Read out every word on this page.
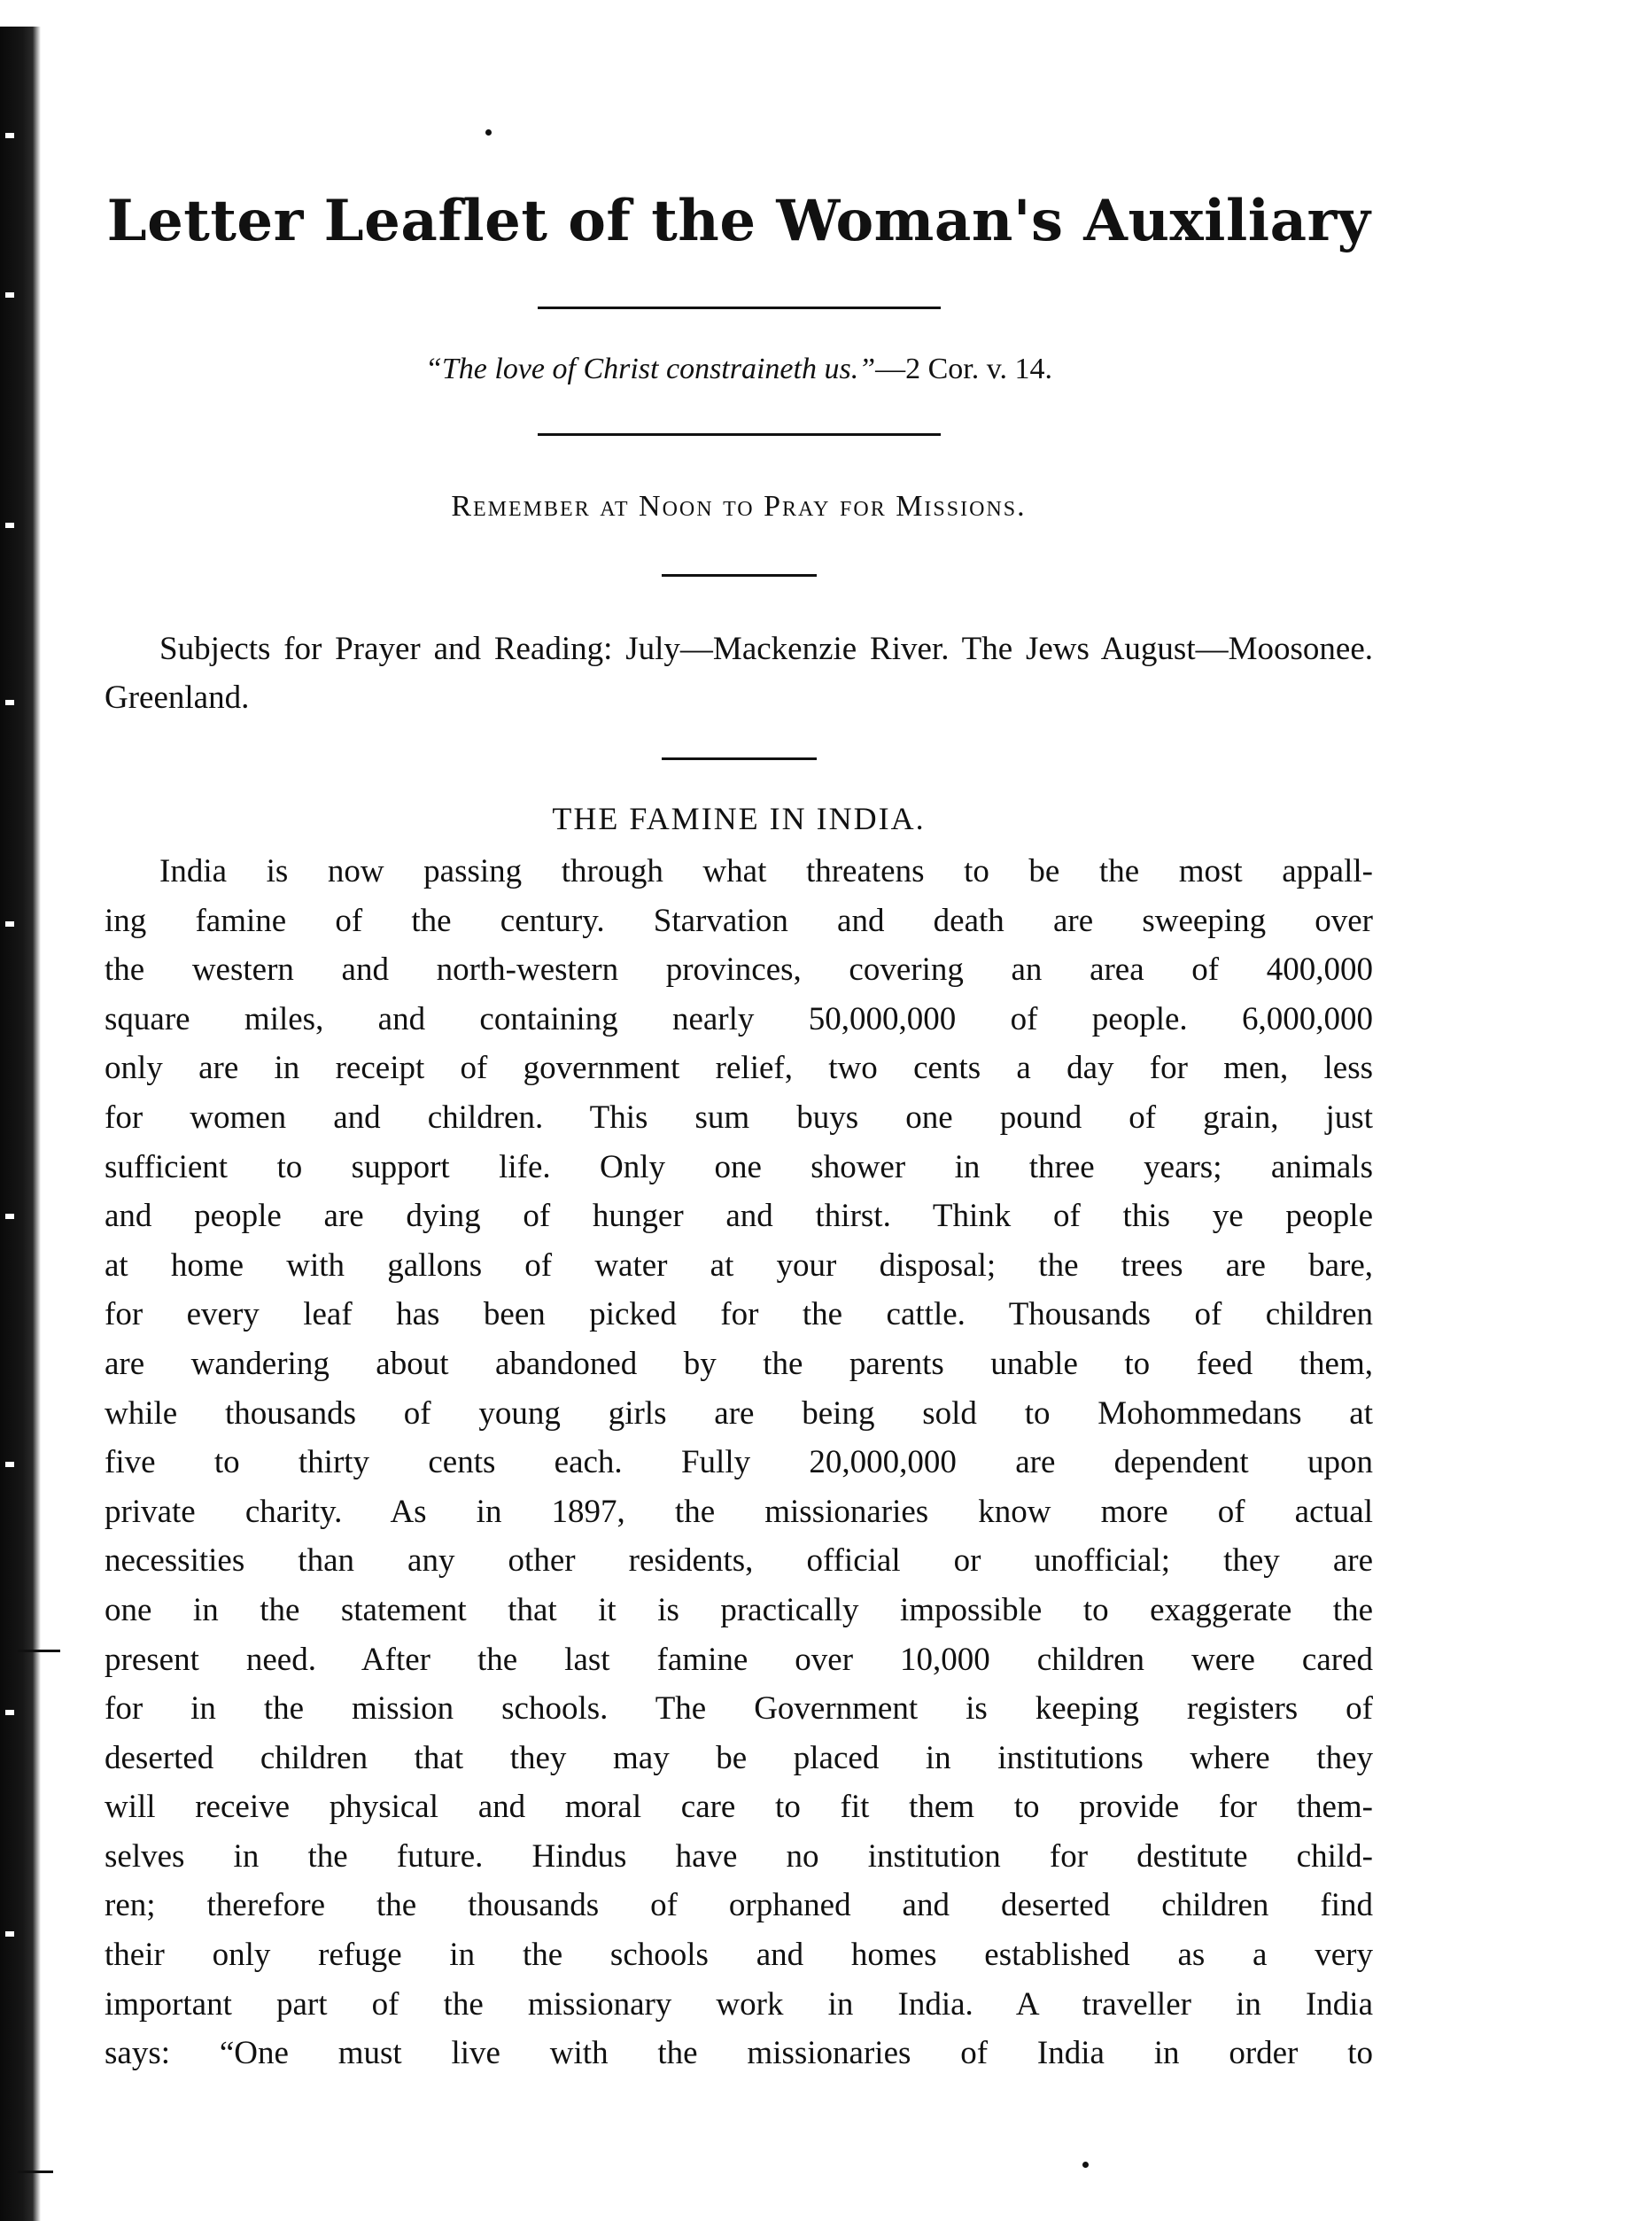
Letter Leaflet of the Woman's Auxiliary
“The love of Christ constraineth us.”—2 Cor. v. 14.
Remember at Noon to Pray for Missions.
Subjects for Prayer and Reading: July—Mackenzie River. The Jews August—Moosonee. Greenland.
THE FAMINE IN INDIA.
India is now passing through what threatens to be the most appall-
ing famine of the century. Starvation and death are sweeping over
the western and north-western provinces, covering an area of 400,000
square miles, and containing nearly 50,000,000 of people. 6,000,000
only are in receipt of government relief, two cents a day for men, less
for women and children. This sum buys one pound of grain, just
sufficient to support life. Only one shower in three years; animals
and people are dying of hunger and thirst. Think of this ye people
at home with gallons of water at your disposal; the trees are bare,
for every leaf has been picked for the cattle. Thousands of children
are wandering about abandoned by the parents unable to feed them,
while thousands of young girls are being sold to Mohommedans at
five to thirty cents each. Fully 20,000,000 are dependent upon
private charity. As in 1897, the missionaries know more of actual
necessities than any other residents, official or unofficial; they are
one in the statement that it is practically impossible to exaggerate the
present need. After the last famine over 10,000 children were cared
for in the mission schools. The Government is keeping registers of
deserted children that they may be placed in institutions where they
will receive physical and moral care to fit them to provide for them-
selves in the future. Hindus have no institution for destitute child-
ren; therefore the thousands of orphaned and deserted children find
their only refuge in the schools and homes established as a very
important part of the missionary work in India. A traveller in India
says: “One must live with the missionaries of India in order to
